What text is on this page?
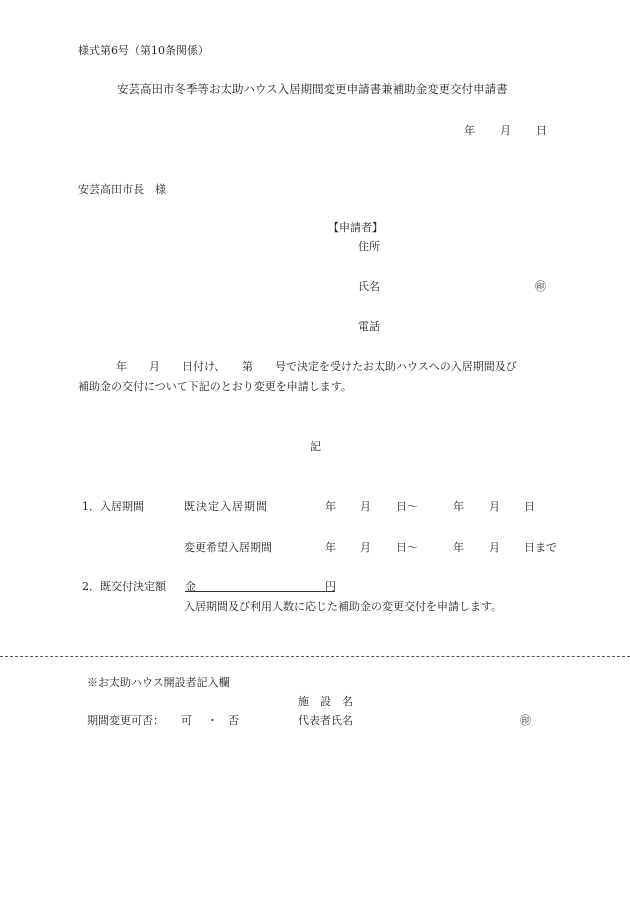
様式第6号（第10条関係）
安芸高田市冬季等お太助ハウス入居期間変更申請書兼補助金変更交付申請書
年 月 日
安芸高田市長　様
【申請者】
住所
氏名	㊞
電話
年　　月　　日付け、　　第　　号で決定を受けたお太助ハウスへの入居期間及び
補助金の交付について下記のとおり変更を申請します。
記
1．入居期間	既決定入居期間	年 月 日～	年 月 日
変更希望入居期間	年 月 日～	年 月 日まで
2．既交付決定額 金	円
入居期間及び利用人数に応じた補助金の変更交付を申請します。
※お太助ハウス開設者記入欄
施　設　名
期間変更可否： 可 ・ 否	代表者氏名	㊞
